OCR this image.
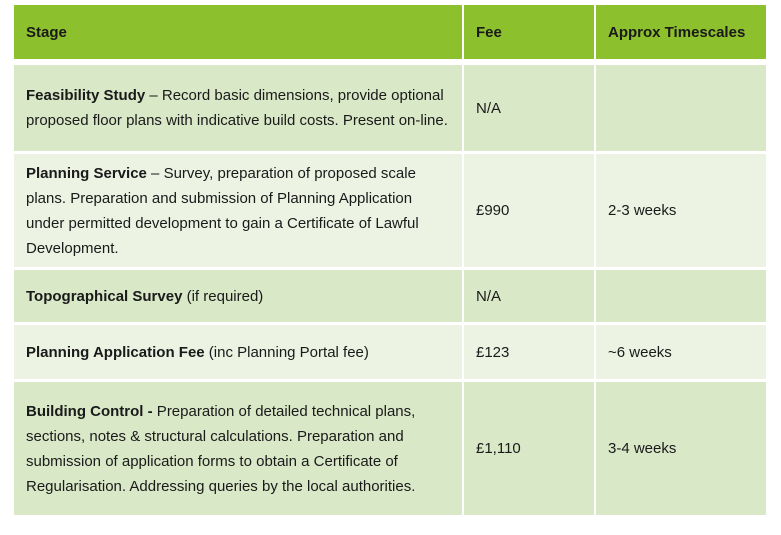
Stage	Fee	Approx Timescales
Feasibility Study – Record basic dimensions, provide optional proposed floor plans with indicative build costs. Present on-line.	N/A	
Planning Service – Survey, preparation of proposed scale plans. Preparation and submission of Planning Application under permitted development to gain a Certificate of Lawful Development.	£990	2-3 weeks
Topographical Survey (if required)	N/A	
Planning Application Fee (inc Planning Portal fee)	£123	~6 weeks
Building Control - Preparation of detailed technical plans, sections, notes & structural calculations. Preparation and submission of application forms to obtain a Certificate of Regularisation. Addressing queries by the local authorities.	£1,110	3-4 weeks
